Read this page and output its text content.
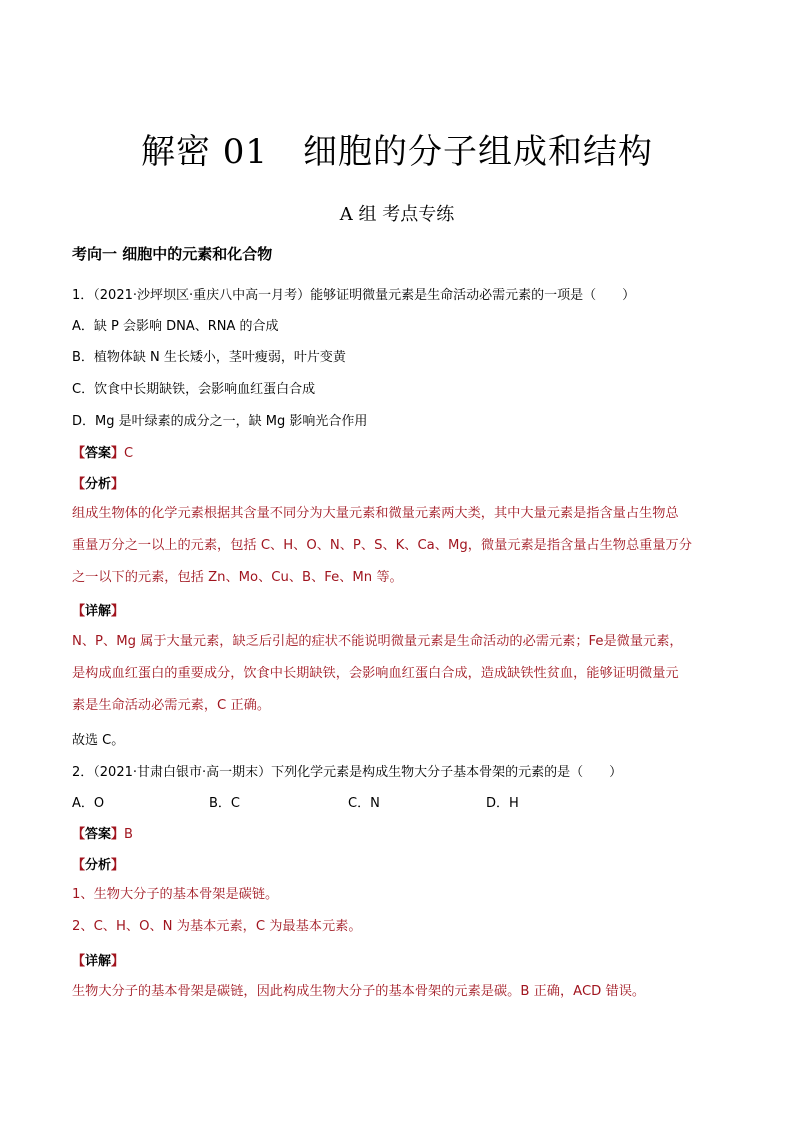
解密 01　细胞的分子组成和结构
A 组 考点专练
考向一 细胞中的元素和化合物
1．（2021·沙坪坝区·重庆八中高一月考）能够证明微量元素是生命活动必需元素的一项是（　　）
A．缺 P 会影响 DNA、RNA 的合成
B．植物体缺 N 生长矮小，茎叶瘦弱，叶片变黄
C．饮食中长期缺铁，会影响血红蛋白合成
D．Mg 是叶绿素的成分之一，缺 Mg 影响光合作用
【答案】C
【分析】
组成生物体的化学元素根据其含量不同分为大量元素和微量元素两大类，其中大量元素是指含量占生物总
重量万分之一以上的元素，包括 C、H、O、N、P、S、K、Ca、Mg，微量元素是指含量占生物总重量万分
之一以下的元素，包括 Zn、Mo、Cu、B、Fe、Mn 等。
【详解】
N、P、Mg 属于大量元素，缺乏后引起的症状不能说明微量元素是生命活动的必需元素；Fe是微量元素，
是构成血红蛋白的重要成分，饮食中长期缺铁，会影响血红蛋白合成，造成缺铁性贫血，能够证明微量元
素是生命活动必需元素，C 正确。
故选 C。
2．（2021·甘肃白银市·高一期末）下列化学元素是构成生物大分子基本骨架的元素的是（　　）
A．O	B．C	C．N	D．H
【答案】B
【分析】
1、生物大分子的基本骨架是碳链。
2、C、H、O、N 为基本元素，C 为最基本元素。
【详解】
生物大分子的基本骨架是碳链，因此构成生物大分子的基本骨架的元素是碳。B 正确，ACD 错误。
